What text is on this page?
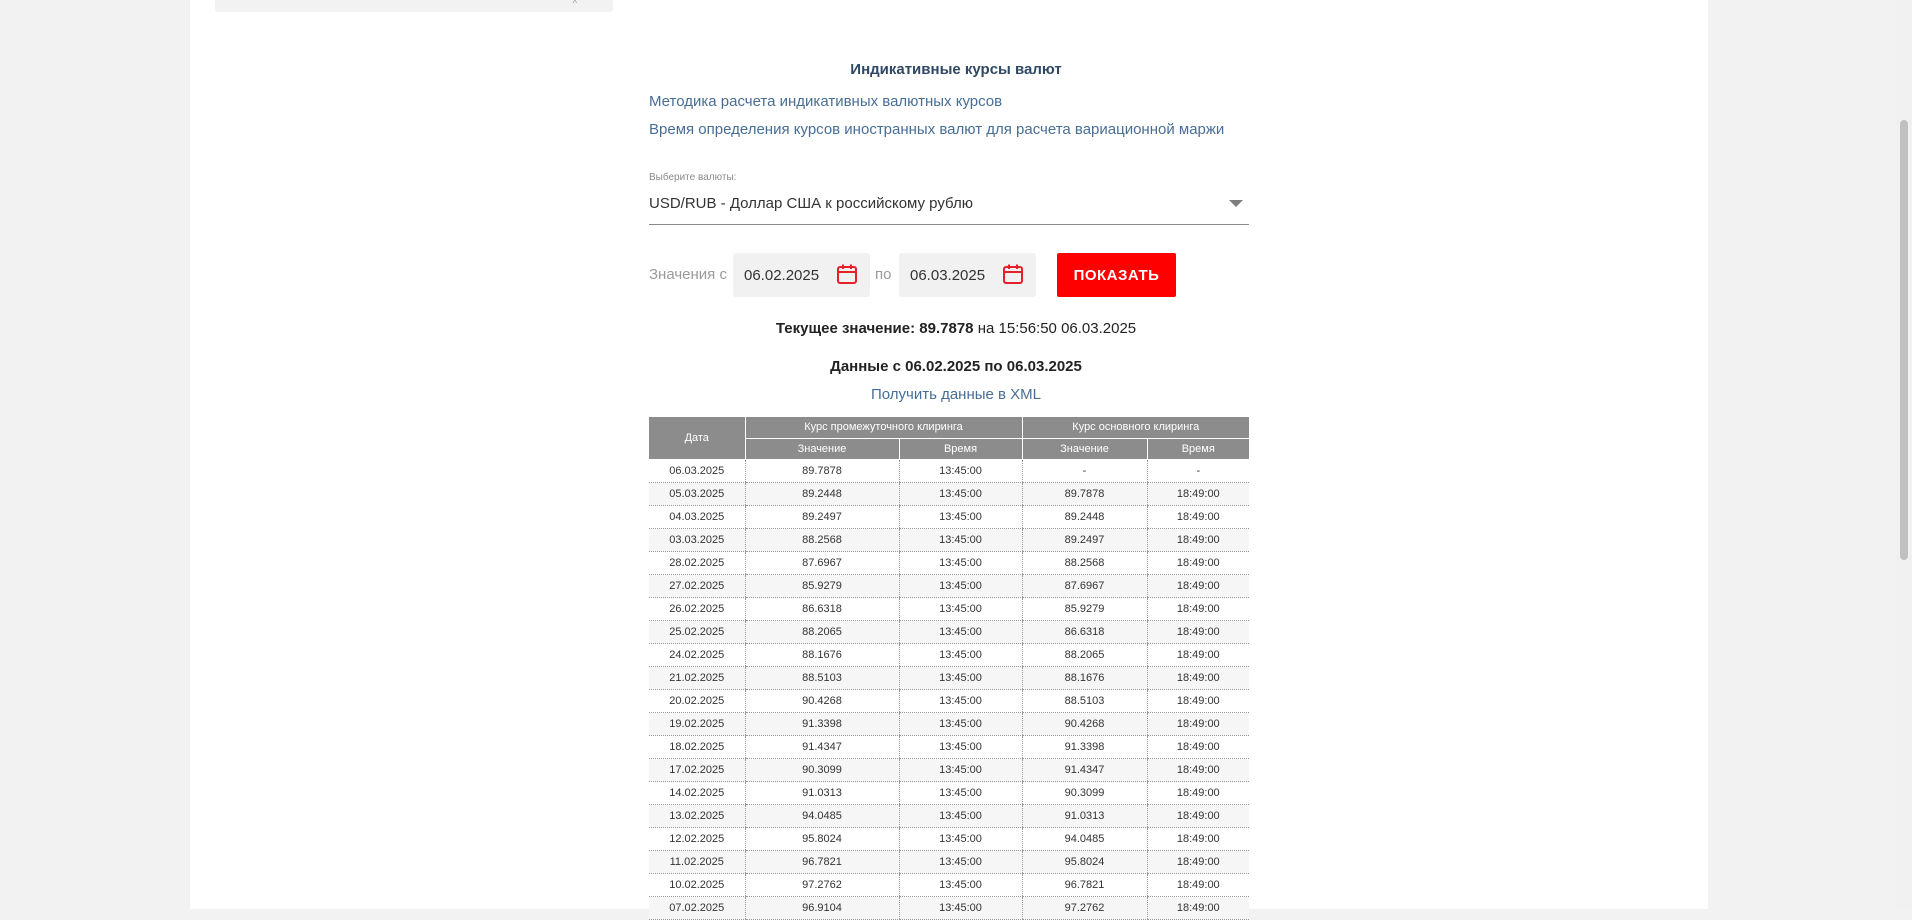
^
Индикативные курсы валют
Методика расчета индикативных валютных курсов
Время определения курсов иностранных валют для расчета вариационной маржи
Выберите валюты:
USD/RUB - Доллар США к российскому рублю
Значения с
06.02.2025	по
06.03.2025	ПОКАЗАТЬ
Текущее значение: 89.7878 на 15:56:50 06.03.2025
Данные с 06.02.2025 по 06.03.2025
Получить данные в XML
Дата	Курс промежуточного клиринга		Курс основного клиринга	
	Значение	Время	Значение	Время
06.03.2025	89.7878	13:45:00	-	-
05.03.2025	89.2448	13:45:00	89.7878	18:49:00
04.03.2025	89.2497	13:45:00	89.2448	18:49:00
03.03.2025	88.2568	13:45:00	89.2497	18:49:00
28.02.2025	87.6967	13:45:00	88.2568	18:49:00
27.02.2025	85.9279	13:45:00	87.6967	18:49:00
26.02.2025	86.6318	13:45:00	85.9279	18:49:00
25.02.2025	88.2065	13:45:00	86.6318	18:49:00
24.02.2025	88.1676	13:45:00	88.2065	18:49:00
21.02.2025	88.5103	13:45:00	88.1676	18:49:00
20.02.2025	90.4268	13:45:00	88.5103	18:49:00
19.02.2025	91.3398	13:45:00	90.4268	18:49:00
18.02.2025	91.4347	13:45:00	91.3398	18:49:00
17.02.2025	90.3099	13:45:00	91.4347	18:49:00
14.02.2025	91.0313	13:45:00	90.3099	18:49:00
13.02.2025	94.0485	13:45:00	91.0313	18:49:00
12.02.2025	95.8024	13:45:00	94.0485	18:49:00
11.02.2025	96.7821	13:45:00	95.8024	18:49:00
10.02.2025	97.2762	13:45:00	96.7821	18:49:00
07.02.2025	96.9104	13:45:00	97.2762	18:49:00
